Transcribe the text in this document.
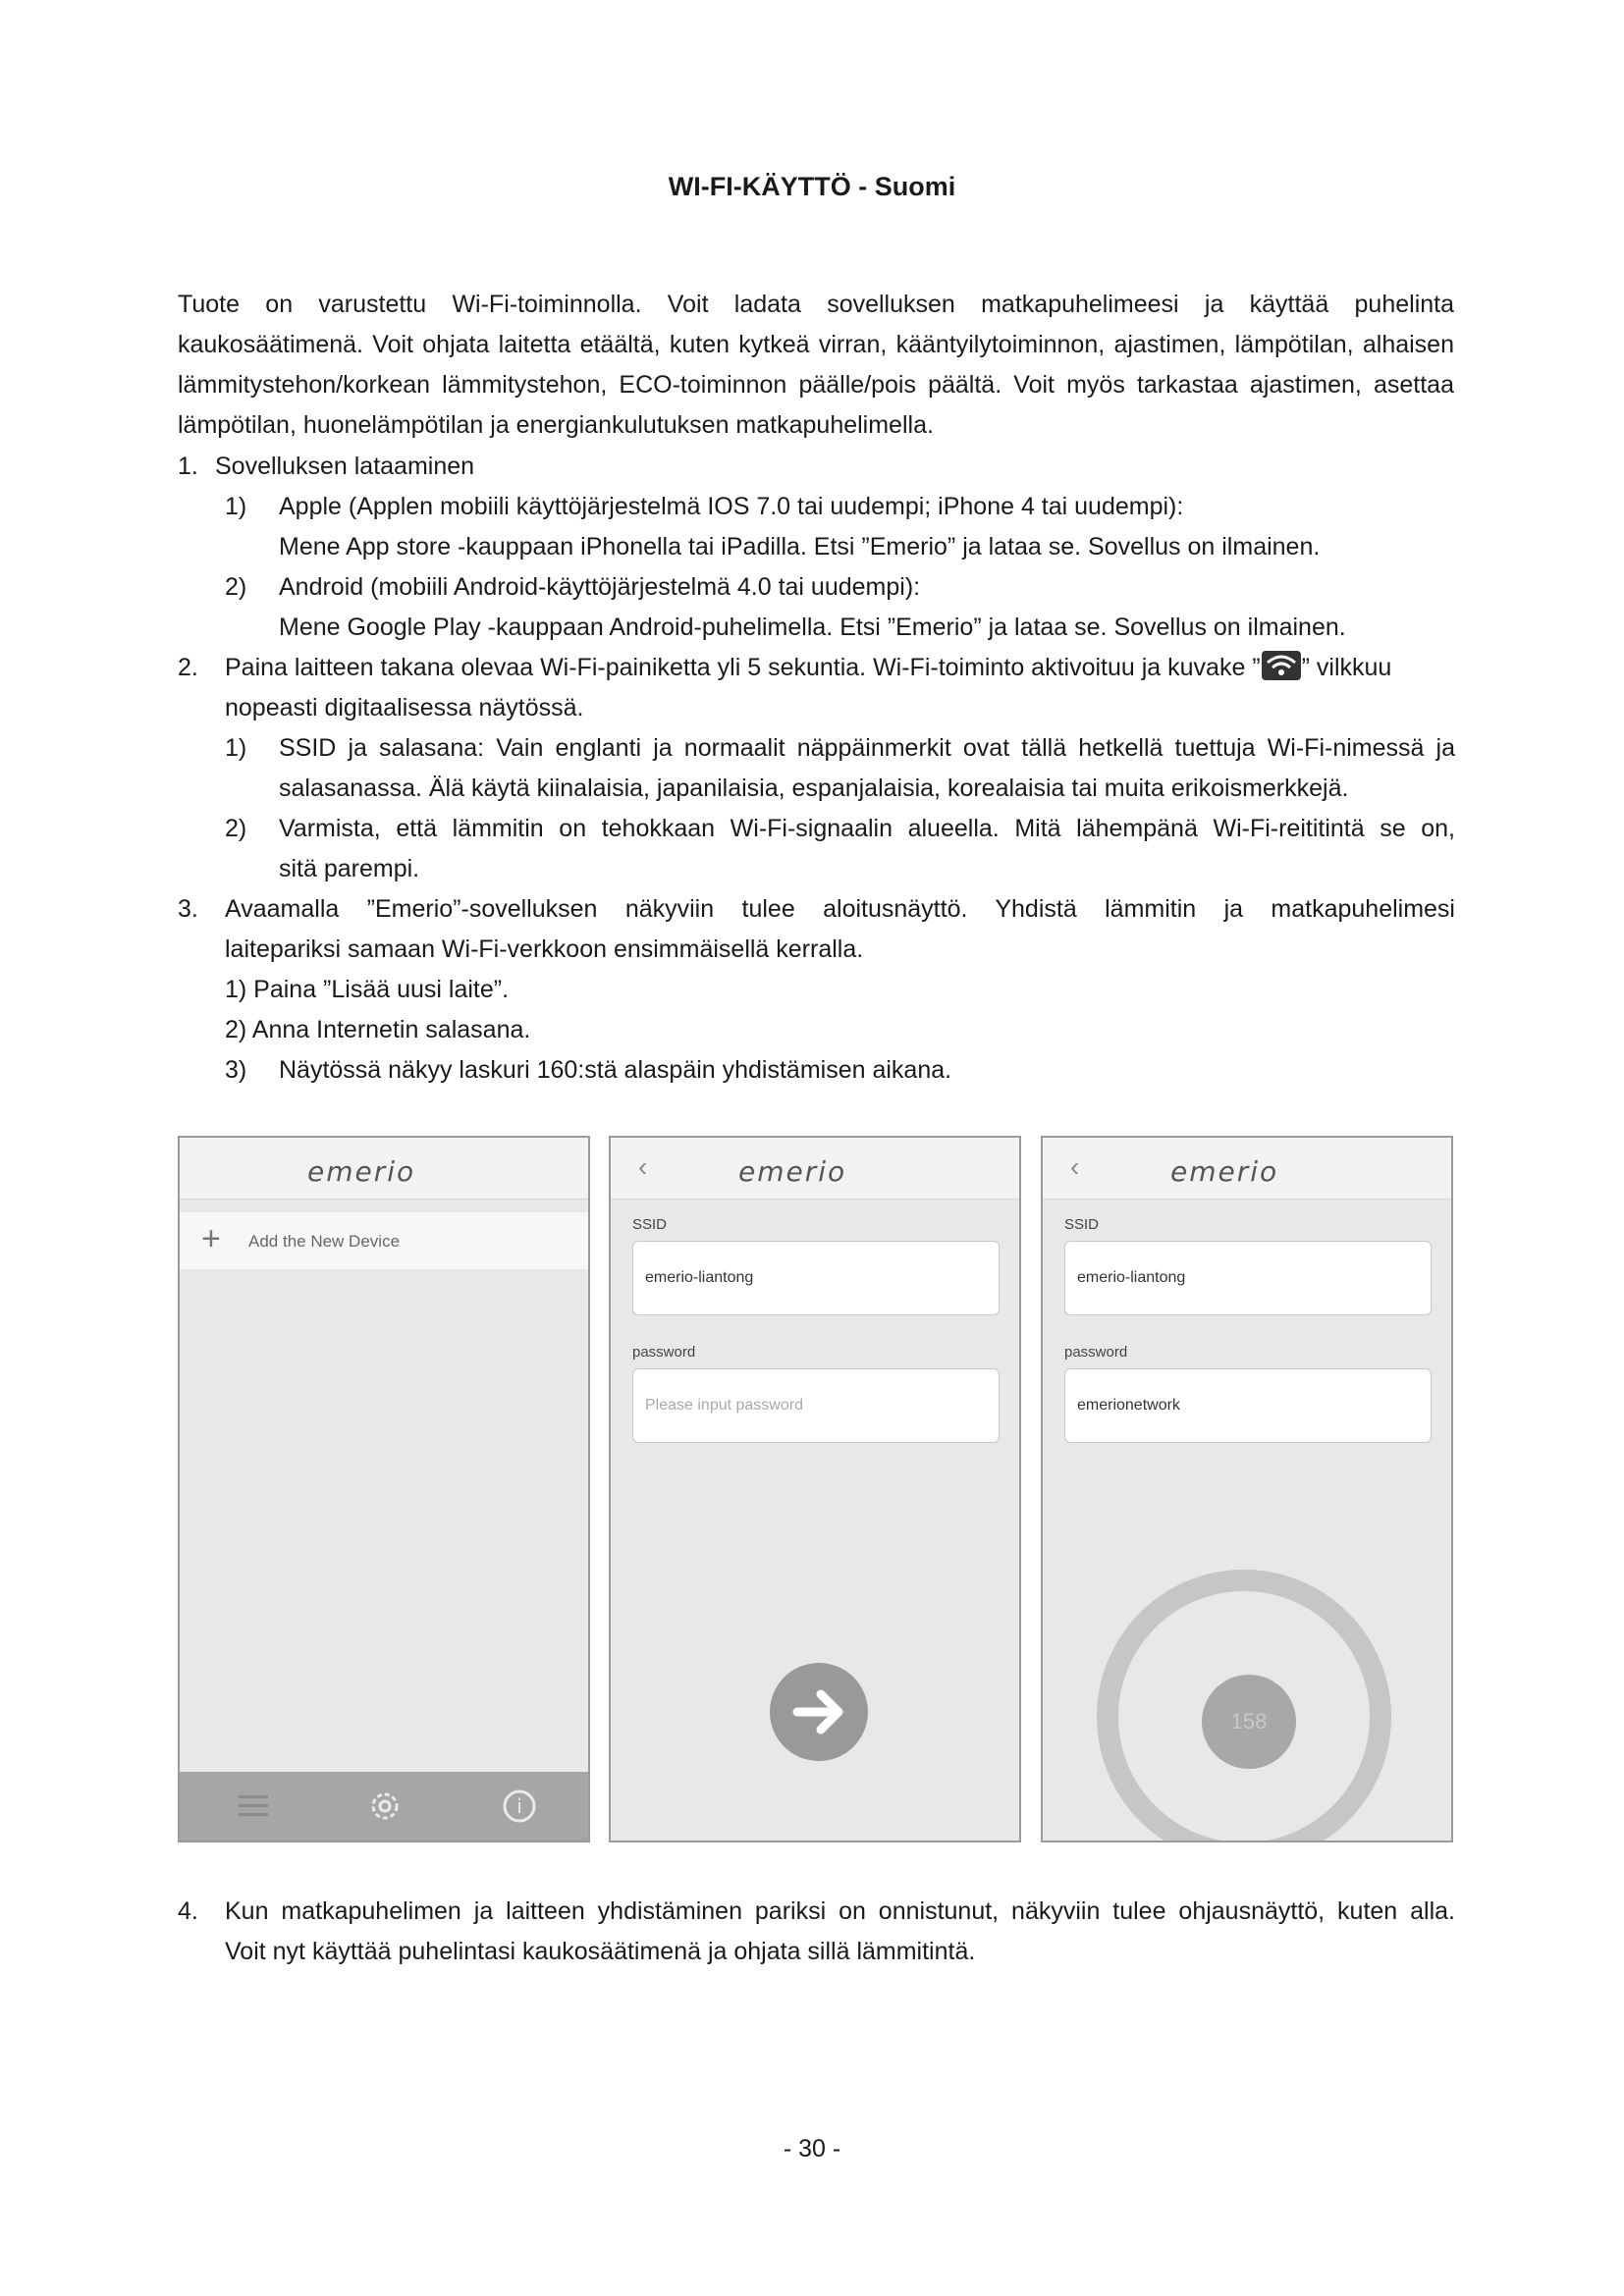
WI-FI-KÄYTTÖ - Suomi

Tuote on varustettu Wi-Fi-toiminnolla. Voit ladata sovelluksen matkapuhelimeesi ja käyttää puhelinta kaukosäätimenä. Voit ohjata laitetta etäältä, kuten kytkeä virran, kääntyilytoiminnon, ajastimen, lämpötilan, alhaisen lämmitystehon/korkean lämmitystehon, ECO-toiminnon päälle/pois päältä. Voit myös tarkastaa ajastimen, asettaa lämpötilan, huonelämpötilan ja energiankulutuksen matkapuhelimella.

1. Sovelluksen lataaminen
1) Apple (Applen mobiili käyttöjärjestelmä IOS 7.0 tai uudempi; iPhone 4 tai uudempi):
Mene App store -kauppaan iPhonella tai iPadilla. Etsi ”Emerio” ja lataa se. Sovellus on ilmainen.
2) Android (mobiili Android-käyttöjärjestelmä 4.0 tai uudempi):
Mene Google Play -kauppaan Android-puhelimella. Etsi ”Emerio” ja lataa se. Sovellus on ilmainen.
2. Paina laitteen takana olevaa Wi-Fi-painiketta yli 5 sekuntia. Wi-Fi-toiminto aktivoituu ja kuvake ” ” vilkkuu
nopeasti digitaalisessa näytössä.
1) SSID ja salasana: Vain englanti ja normaalit näppäinmerkit ovat tällä hetkellä tuettuja Wi-Fi-nimessä ja
salasanassa. Älä käytä kiinalaisia, japanilaisia, espanjalaisia, korealaisia tai muita erikoismerkkejä.
2) Varmista, että lämmitin on tehokkaan Wi-Fi-signaalin alueella. Mitä lähempänä Wi-Fi-reititintä se on,
sitä parempi.
3. Avaamalla ”Emerio”-sovelluksen näkyviin tulee aloitusnäyttö. Yhdistä lämmitin ja matkapuhelimesi
laitepariksi samaan Wi-Fi-verkkoon ensimmäisellä kerralla.
1) Paina ”Lisää uusi laite”.
2) Anna Internetin salasana.
3) Näytössä näkyy laskuri 160:stä alaspäin yhdistämisen aikana.
emerio
+ Add the New Device
i
‹	emerio
SSID
emerio-liantong
password
Please input password
‹	emerio
SSID
emerio-liantong
password
emerionetwork
158
4. Kun matkapuhelimen ja laitteen yhdistäminen pariksi on onnistunut, näkyviin tulee ohjausnäyttö, kuten alla.
Voit nyt käyttää puhelintasi kaukosäätimenä ja ohjata sillä lämmitintä.
- 30 -
